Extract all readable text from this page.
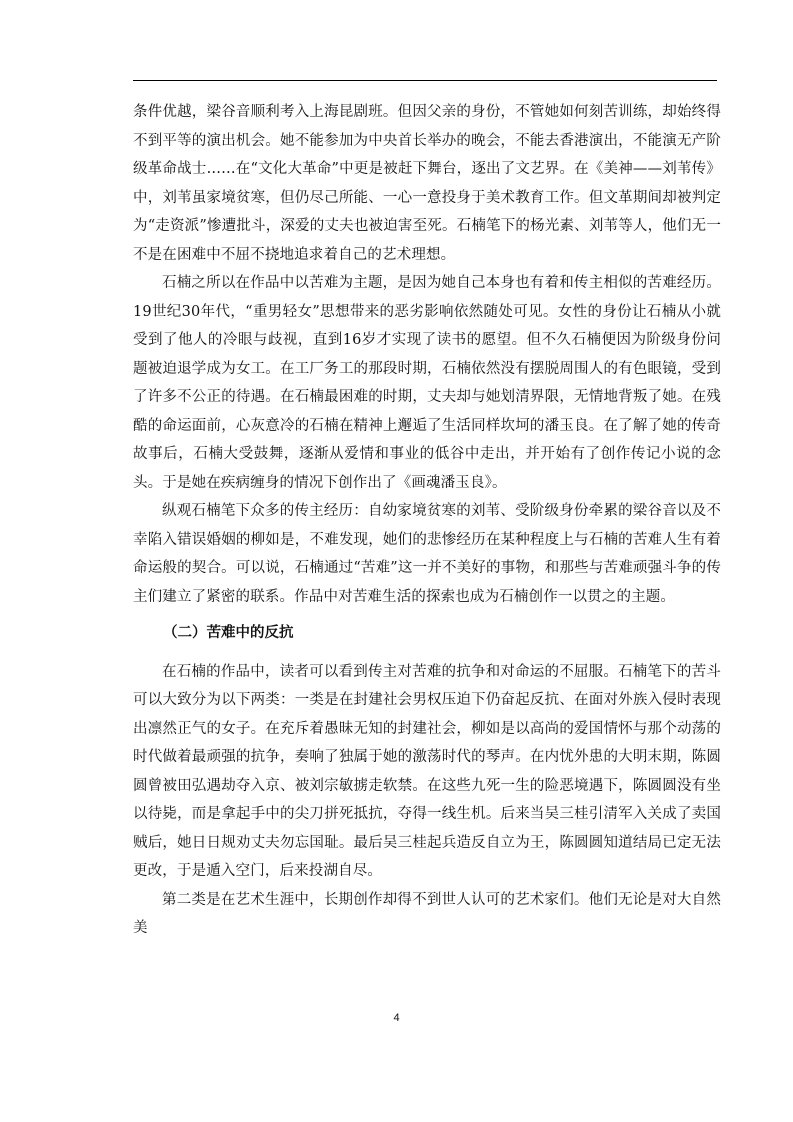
条件优越，梁谷音顺利考入上海昆剧班。但因父亲的身份，不管她如何刻苦训练，却始终得不到平等的演出机会。她不能参加为中央首长举办的晚会，不能去香港演出，不能演无产阶级革命战士……在“文化大革命”中更是被赶下舞台，逐出了文艺界。在《美神——刘苇传》中，刘苇虽家境贫寒，但仍尽己所能、一心一意投身于美术教育工作。但文革期间却被判定为“走资派”惨遭批斗，深爱的丈夫也被迫害至死。石楠笔下的杨光素、刘苇等人，他们无一不是在困难中不屈不挠地追求着自己的艺术理想。

石楠之所以在作品中以苦难为主题，是因为她自己本身也有着和传主相似的苦难经历。19世纪30年代，“重男轻女”思想带来的恶劣影响依然随处可见。女性的身份让石楠从小就受到了他人的冷眼与歧视，直到16岁才实现了读书的愿望。但不久石楠便因为阶级身份问题被迫退学成为女工。在工厂务工的那段时期，石楠依然没有摆脱周围人的有色眼镜，受到了许多不公正的待遇。在石楠最困难的时期，丈夫却与她划清界限，无情地背叛了她。在残酷的命运面前，心灰意冷的石楠在精神上邂逅了生活同样坎坷的潘玉良。在了解了她的传奇故事后，石楠大受鼓舞，逐渐从爱情和事业的低谷中走出，并开始有了创作传记小说的念头。于是她在疾病缠身的情况下创作出了《画魂潘玉良》。

纵观石楠笔下众多的传主经历：自幼家境贫寒的刘苇、受阶级身份牵累的梁谷音以及不幸陷入错误婚姻的柳如是，不难发现，她们的悲惨经历在某种程度上与石楠的苦难人生有着命运般的契合。可以说，石楠通过“苦难”这一并不美好的事物，和那些与苦难顽强斗争的传主们建立了紧密的联系。作品中对苦难生活的探索也成为石楠创作一以贯之的主题。

（二）苦难中的反抗

在石楠的作品中，读者可以看到传主对苦难的抗争和对命运的不屈服。石楠笔下的苦斗可以大致分为以下两类：一类是在封建社会男权压迫下仍奋起反抗、在面对外族入侵时表现出凛然正气的女子。在充斥着愚昧无知的封建社会，柳如是以高尚的爱国情怀与那个动荡的时代做着最顽强的抗争，奏响了独属于她的激荡时代的琴声。在内忧外患的大明末期，陈圆圆曾被田弘遇劫夺入京、被刘宗敏掳走软禁。在这些九死一生的险恶境遇下，陈圆圆没有坐以待毙，而是拿起手中的尖刀拼死抵抗，夺得一线生机。后来当吴三桂引清军入关成了卖国贼后，她日日规劝丈夫勿忘国耻。最后吴三桂起兵造反自立为王，陈圆圆知道结局已定无法更改，于是遁入空门，后来投湖自尽。

第二类是在艺术生涯中，长期创作却得不到世人认可的艺术家们。他们无论是对大自然美

4
